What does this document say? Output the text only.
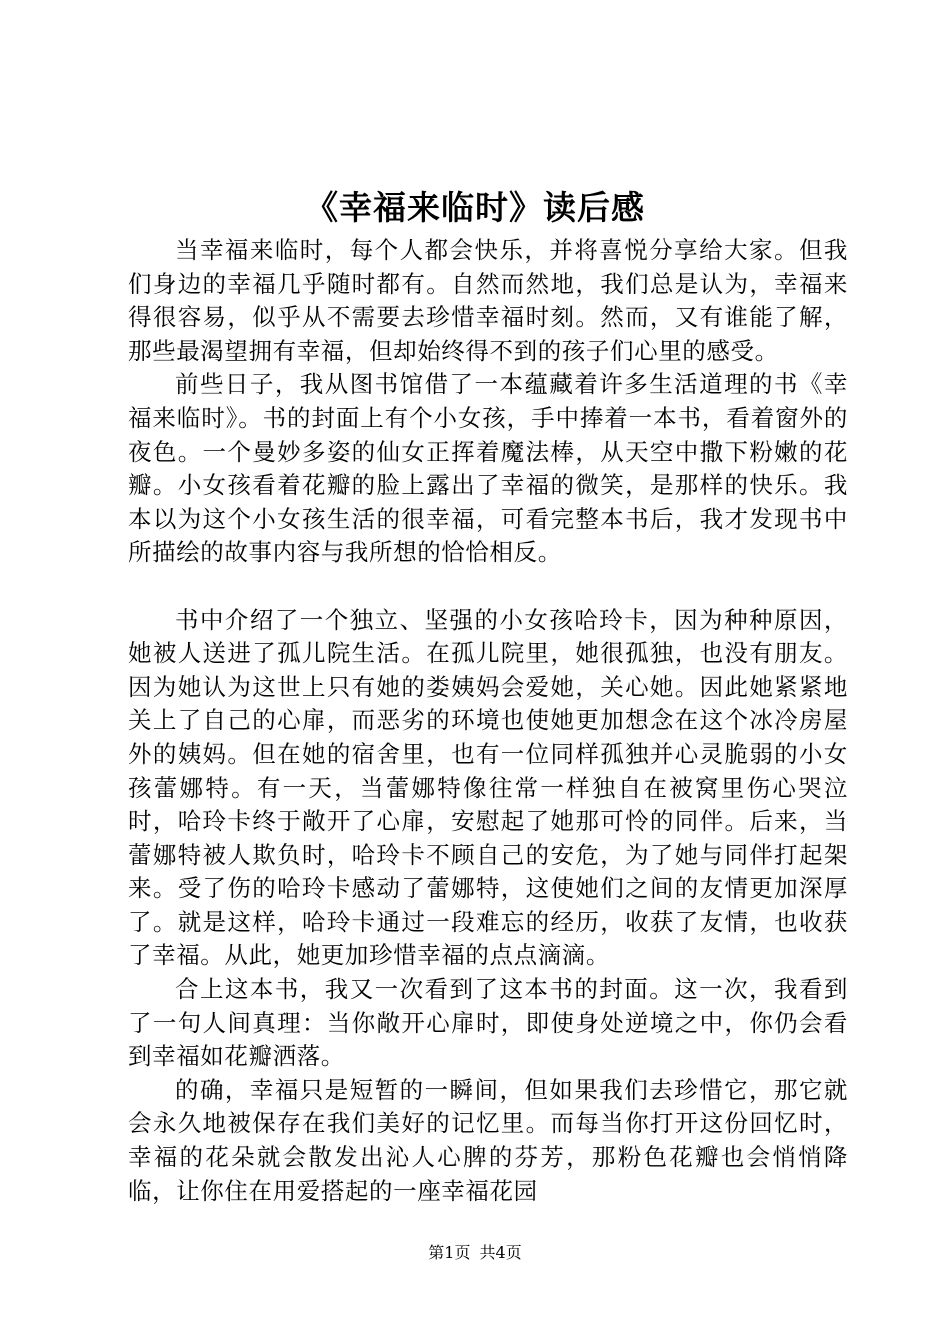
《幸福来临时》读后感

当幸福来临时，每个人都会快乐，并将喜悦分享给大家。但我们身边的幸福几乎随时都有。自然而然地，我们总是认为，幸福来得很容易，似乎从不需要去珍惜幸福时刻。然而，又有谁能了解，那些最渴望拥有幸福，但却始终得不到的孩子们心里的感受。

前些日子，我从图书馆借了一本蕴藏着许多生活道理的书《幸福来临时》。书的封面上有个小女孩，手中捧着一本书，看着窗外的夜色。一个曼妙多姿的仙女正挥着魔法棒，从天空中撒下粉嫩的花瓣。小女孩看着花瓣的脸上露出了幸福的微笑，是那样的快乐。我本以为这个小女孩生活的很幸福，可看完整本书后，我才发现书中所描绘的故事内容与我所想的恰恰相反。

书中介绍了一个独立、坚强的小女孩哈玲卡，因为种种原因，她被人送进了孤儿院生活。在孤儿院里，她很孤独，也没有朋友。因为她认为这世上只有她的娄姨妈会爱她，关心她。因此她紧紧地关上了自己的心扉，而恶劣的环境也使她更加想念在这个冰冷房屋外的姨妈。但在她的宿舍里，也有一位同样孤独并心灵脆弱的小女孩蕾娜特。有一天，当蕾娜特像往常一样独自在被窝里伤心哭泣时，哈玲卡终于敞开了心扉，安慰起了她那可怜的同伴。后来，当蕾娜特被人欺负时，哈玲卡不顾自己的安危，为了她与同伴打起架来。受了伤的哈玲卡感动了蕾娜特，这使她们之间的友情更加深厚了。就是这样，哈玲卡通过一段难忘的经历，收获了友情，也收获了幸福。从此，她更加珍惜幸福的点点滴滴。

合上这本书，我又一次看到了这本书的封面。这一次，我看到了一句人间真理：当你敞开心扉时，即使身处逆境之中，你仍会看到幸福如花瓣洒落。

的确，幸福只是短暂的一瞬间，但如果我们去珍惜它，那它就会永久地被保存在我们美好的记忆里。而每当你打开这份回忆时，幸福的花朵就会散发出沁人心脾的芬芳，那粉色花瓣也会悄悄降临，让你住在用爱搭起的一座幸福花园

第1页 共4页
